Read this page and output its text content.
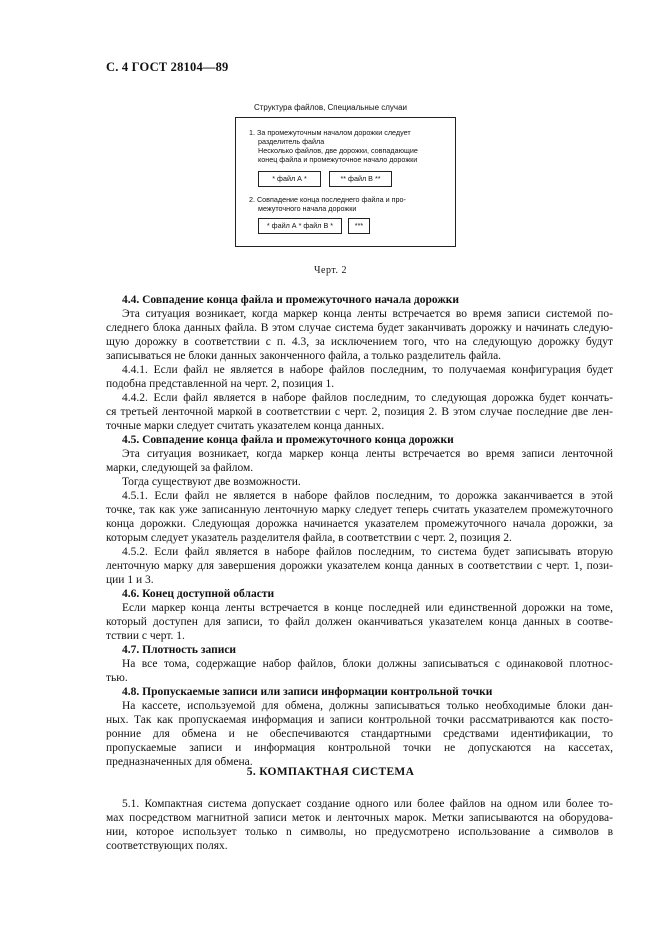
С. 4 ГОСТ 28104—89
Структура файлов, Специальные случаи
1. За промежуточным началом дорожки следует
разделитель файла
Несколько файлов, две дорожки, совпадающие
конец файла и промежуточное начало дорожки
* файл А *	** файл В **
2. Совпадение конца последнего файла и про-
межуточного начала дорожки
* файл А * файл В *	***
Черт. 2
4.4. Совпадение конца файла и промежуточного начала дорожки
Эта ситуация возникает, когда маркер конца ленты встречается во время записи системой по-
следнего блока данных файла. В этом случае система будет заканчивать дорожку и начинать следую-
щую дорожку в соответствии с п. 4.3, за исключением того, что на следующую дорожку будут
записываться не блоки данных законченного файла, а только разделитель файла.
4.4.1. Если файл не является в наборе файлов последним, то получаемая конфигурация будет
подобна представленной на черт. 2, позиция 1.
4.4.2. Если файл является в наборе файлов последним, то следующая дорожка будет кончать-
ся третьей ленточной маркой в соответствии с черт. 2, позиция 2. В этом случае последние две лен-
точные марки следует считать указателем конца данных.
4.5. Совпадение конца файла и промежуточного конца дорожки
Эта ситуация возникает, когда маркер конца ленты встречается во время записи ленточной
марки, следующей за файлом.
Тогда существуют две возможности.
4.5.1. Если файл не является в наборе файлов последним, то дорожка заканчивается в этой
точке, так как уже записанную ленточную марку следует теперь считать указателем промежуточного
конца дорожки. Следующая дорожка начинается указателем промежуточного начала дорожки, за
которым следует указатель разделителя файла, в соответствии с черт. 2, позиция 2.
4.5.2. Если файл является в наборе файлов последним, то система будет записывать вторую
ленточную марку для завершения дорожки указателем конца данных в соответствии с черт. 1, пози-
ции 1 и 3.
4.6. Конец доступной области
Если маркер конца ленты встречается в конце последней или единственной дорожки на томе,
который доступен для записи, то файл должен оканчиваться указателем конца данных в соотве-
тствии с черт. 1.
4.7. Плотность записи
На все тома, содержащие набор файлов, блоки должны записываться с одинаковой плотнос-
тью.
4.8. Пропускаемые записи или записи информации контрольной точки
На кассете, используемой для обмена, должны записываться только необходимые блоки дан-
ных. Так как пропускаемая информация и записи контрольной точки рассматриваются как посто-
ронние для обмена и не обеспечиваются стандартными средствами идентификации, то
пропускаемые записи и информация контрольной точки не допускаются на кассетах,
предназначенных для обмена.
5. КОМПАКТНАЯ СИСТЕМА
5.1. Компактная система допускает создание одного или более файлов на одном или более то-
мах посредством магнитной записи меток и ленточных марок. Метки записываются на оборудова-
нии, которое использует только n символы, но предусмотрено использование a символов в
соответствующих полях.
